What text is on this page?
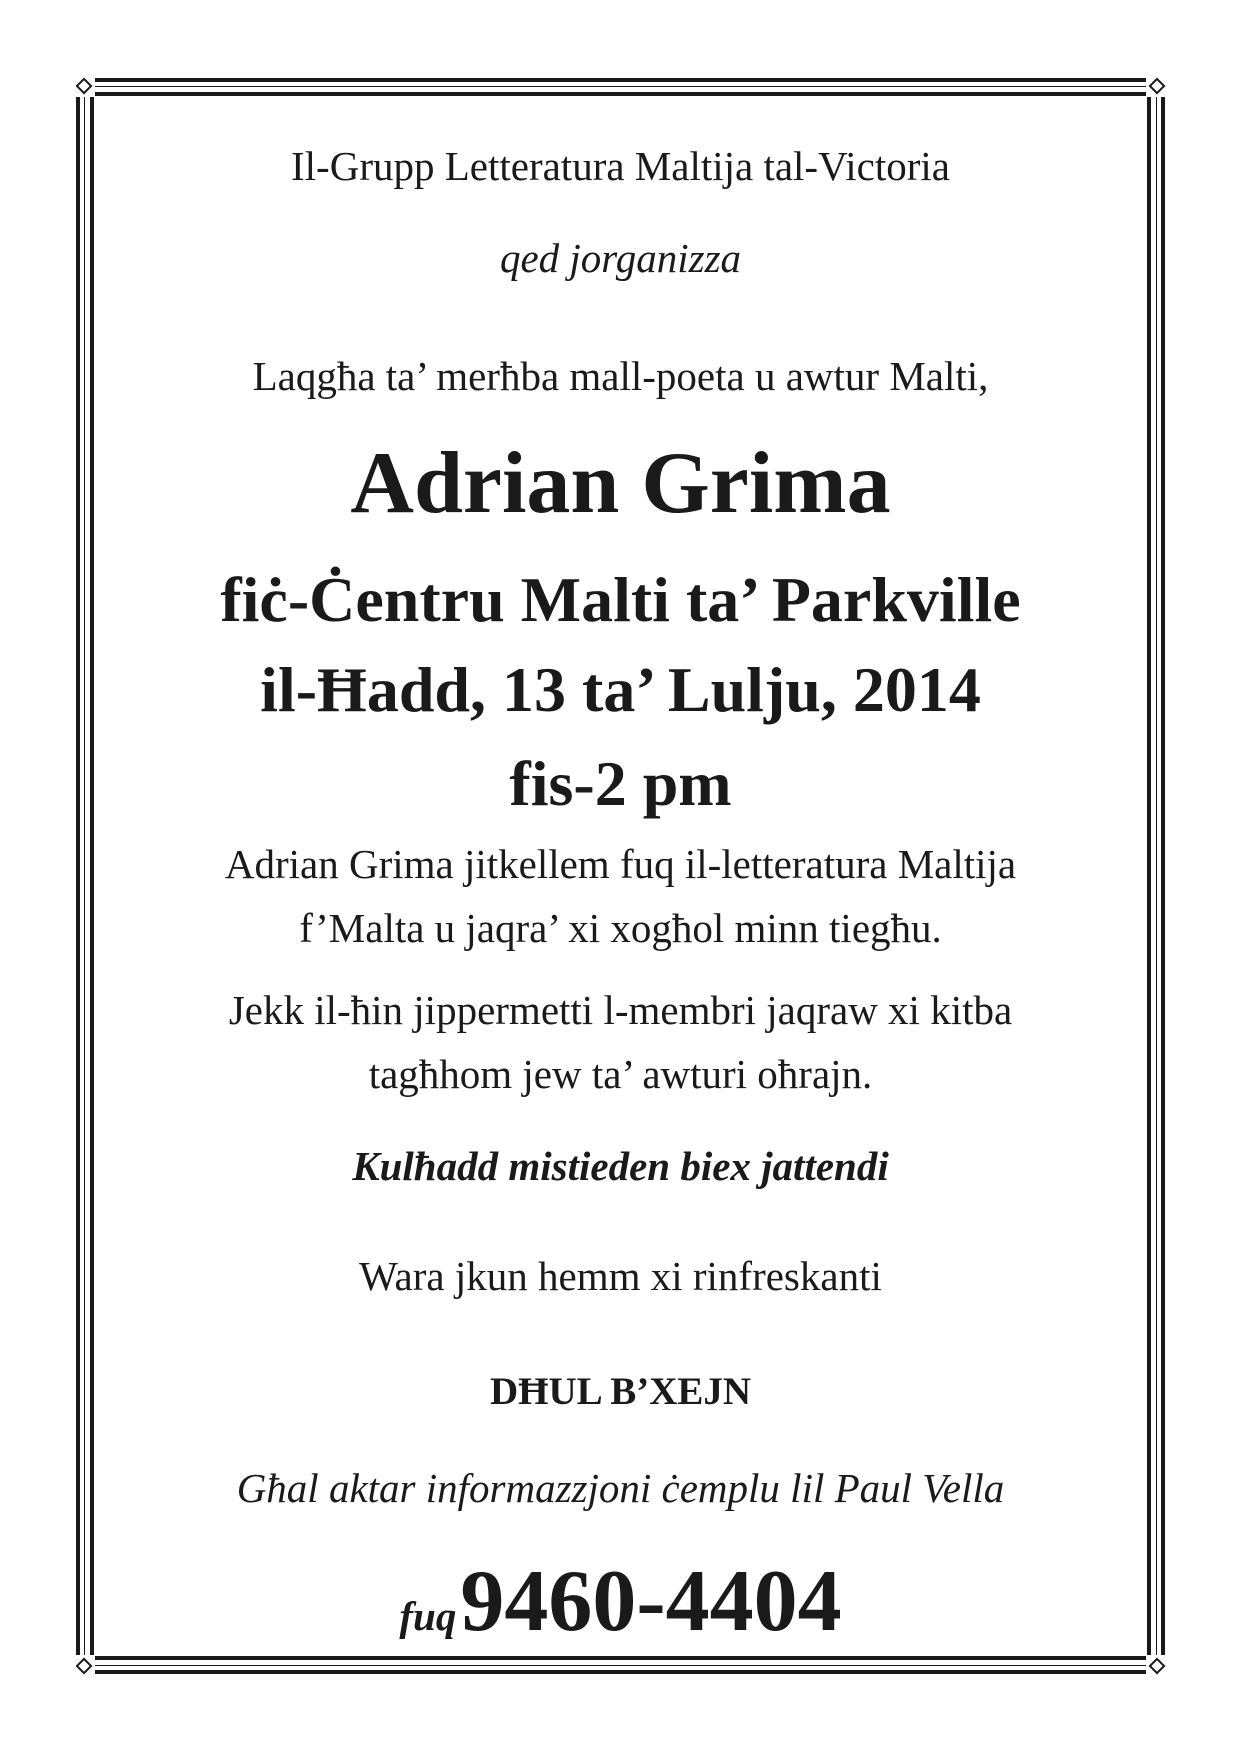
Il-Grupp Letteratura Maltija tal-Victoria
qed jorganizza
Laqgħa ta’ merħba mall-poeta u awtur Malti,
Adrian Grima
fiċ-Ċentru Malti ta’ Parkville
il-Ħadd, 13 ta’ Lulju, 2014
fis-2 pm
Adrian Grima jitkellem fuq il-letteratura Maltija
f’Malta u jaqra’ xi xogħol minn tiegħu.
Jekk il-ħin jippermetti l-membri jaqraw xi kitba
tagħhom jew ta’ awturi oħrajn.
Kulħadd mistieden biex jattendi
Wara jkun hemm xi rinfreskanti
DĦUL B’XEJN
Għal aktar informazzjoni ċemplu lil Paul Vella
fuq 9460-4404
